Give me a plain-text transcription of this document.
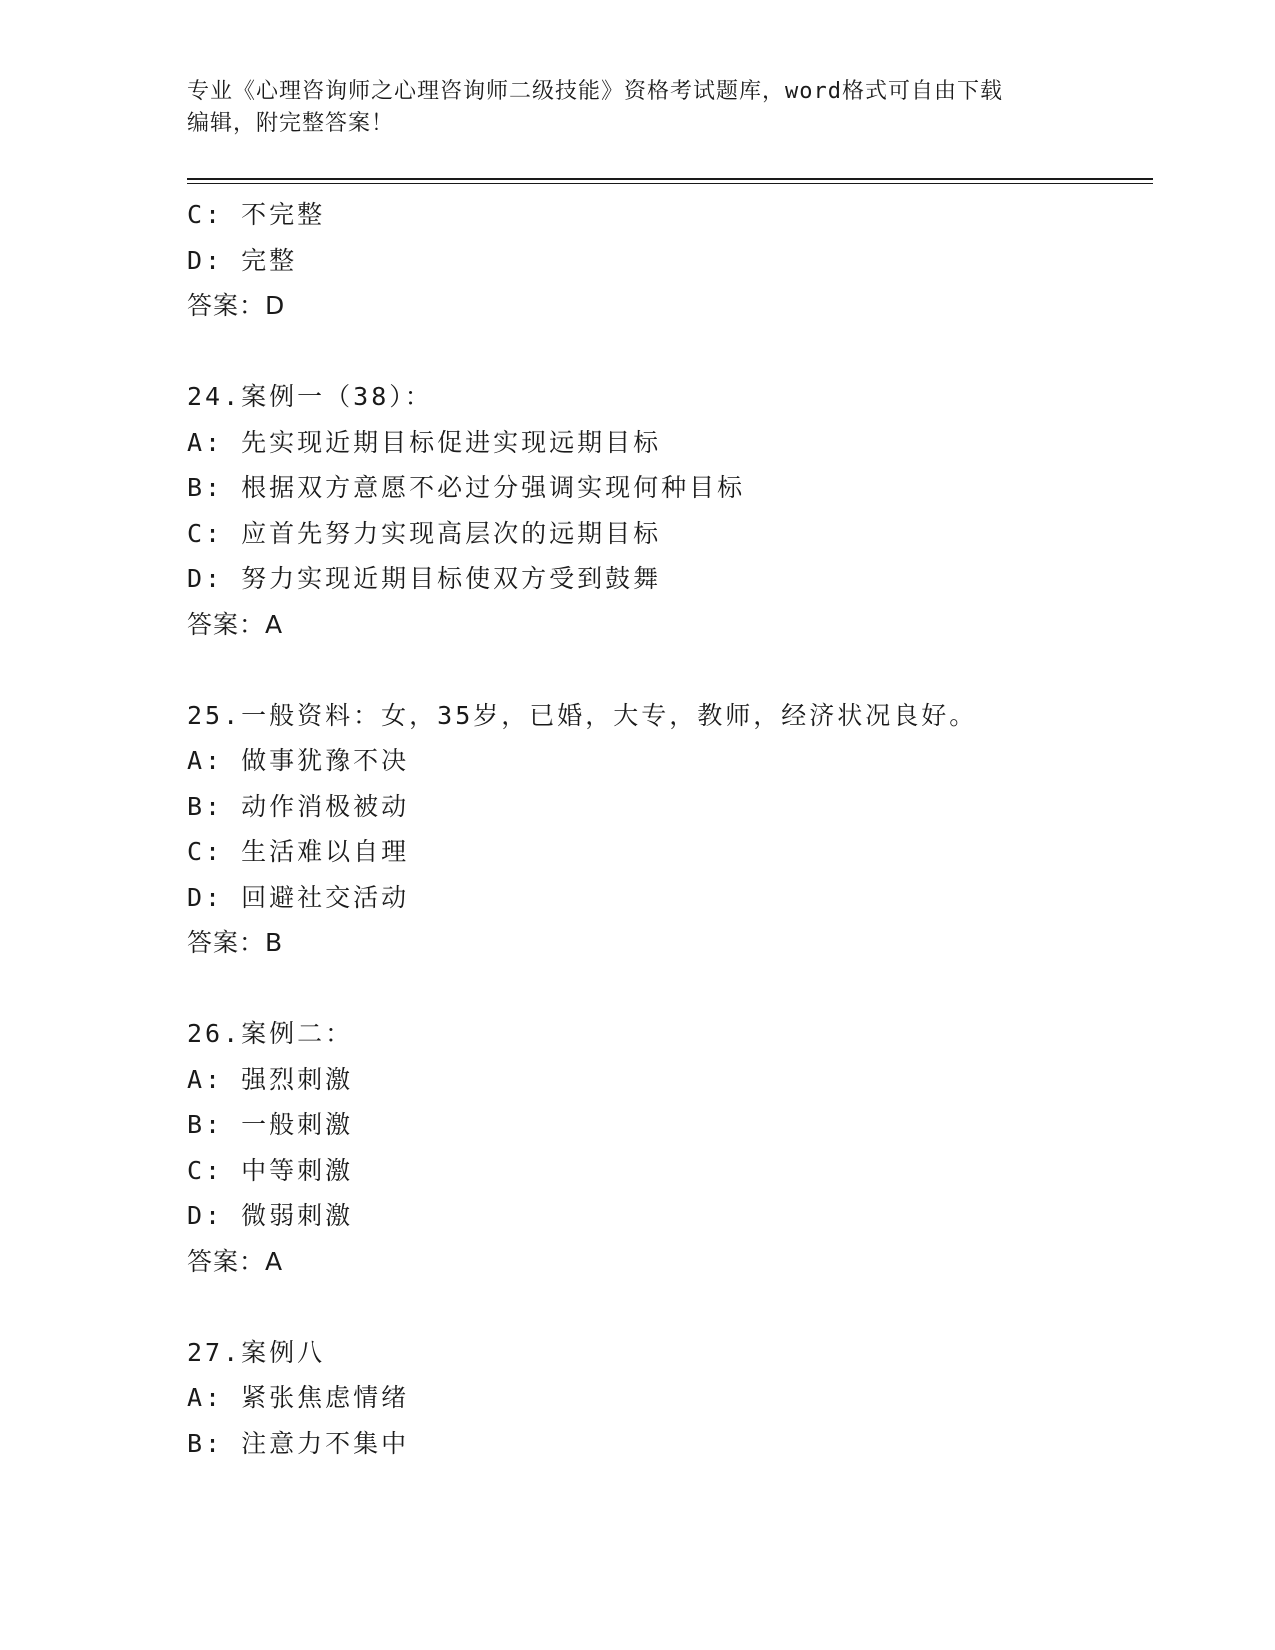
专业《心理咨询师之心理咨询师二级技能》资格考试题库，word格式可自由下载
编辑，附完整答案！
C: 不完整
D: 完整
答案：D
24.案例一（38）：
A: 先实现近期目标促进实现远期目标
B: 根据双方意愿不必过分强调实现何种目标
C: 应首先努力实现高层次的远期目标
D: 努力实现近期目标使双方受到鼓舞
答案：A
25.一般资料：女，35岁，已婚，大专，教师，经济状况良好。
A: 做事犹豫不决
B: 动作消极被动
C: 生活难以自理
D: 回避社交活动
答案：B
26.案例二：
A: 强烈刺激
B: 一般刺激
C: 中等刺激
D: 微弱刺激
答案：A
27.案例八
A: 紧张焦虑情绪
B: 注意力不集中
